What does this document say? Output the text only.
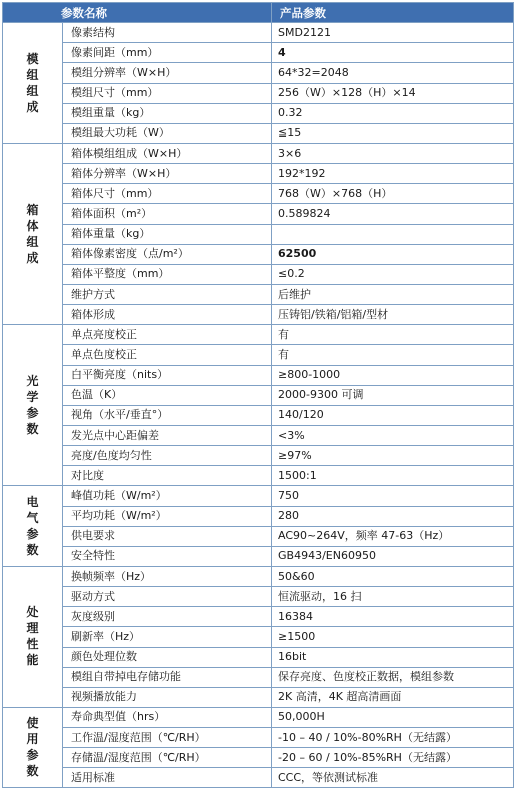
参数名称		产品参数
模组组成	像素结构	SMD2121
	像素间距（mm）	4
	模组分辨率（W×H）	64*32=2048
	模组尺寸（mm）	256（W）×128（H）×14
	模组重量（kg）	0.32
	模组最大功耗（W）	≦15
箱体组成	箱体模组组成（W×H）	3×6
	箱体分辨率（W×H）	192*192
	箱体尺寸（mm）	768（W）×768（H）
	箱体面积（m²）	0.589824
	箱体重量（kg）	
	箱体像素密度（点/m²）	62500
	箱体平整度（mm）	≤0.2
	维护方式	后维护
	箱体形成	压铸铝/铁箱/铝箱/型材
光学参数	单点亮度校正	有
	单点色度校正	有
	白平衡亮度（nits）	≥800-1000
	色温（K）	2000-9300 可调
	视角（水平/垂直°）	140/120
	发光点中心距偏差	<3%
	亮度/色度均匀性	≥97%
	对比度	1500:1
电气参数	峰值功耗（W/m²）	750
	平均功耗（W/m²）	280
	供电要求	AC90~264V，频率 47-63（Hz）
	安全特性	GB4943/EN60950
处理性能	换帧频率（Hz）	50&60
	驱动方式	恒流驱动，16 扫
	灰度级别	16384
	刷新率（Hz）	≥1500
	颜色处理位数	16bit
	模组自带掉电存储功能	保存亮度、色度校正数据，模组参数
	视频播放能力	2K 高清，4K 超高清画面
使用参数	寿命典型值（hrs）	50,000H
	工作温/湿度范围（℃/RH）	-10 – 40 / 10%-80%RH（无结露）
	存储温/湿度范围（℃/RH）	-20 – 60 / 10%-85%RH（无结露）
	适用标准	CCC，等依测试标准
